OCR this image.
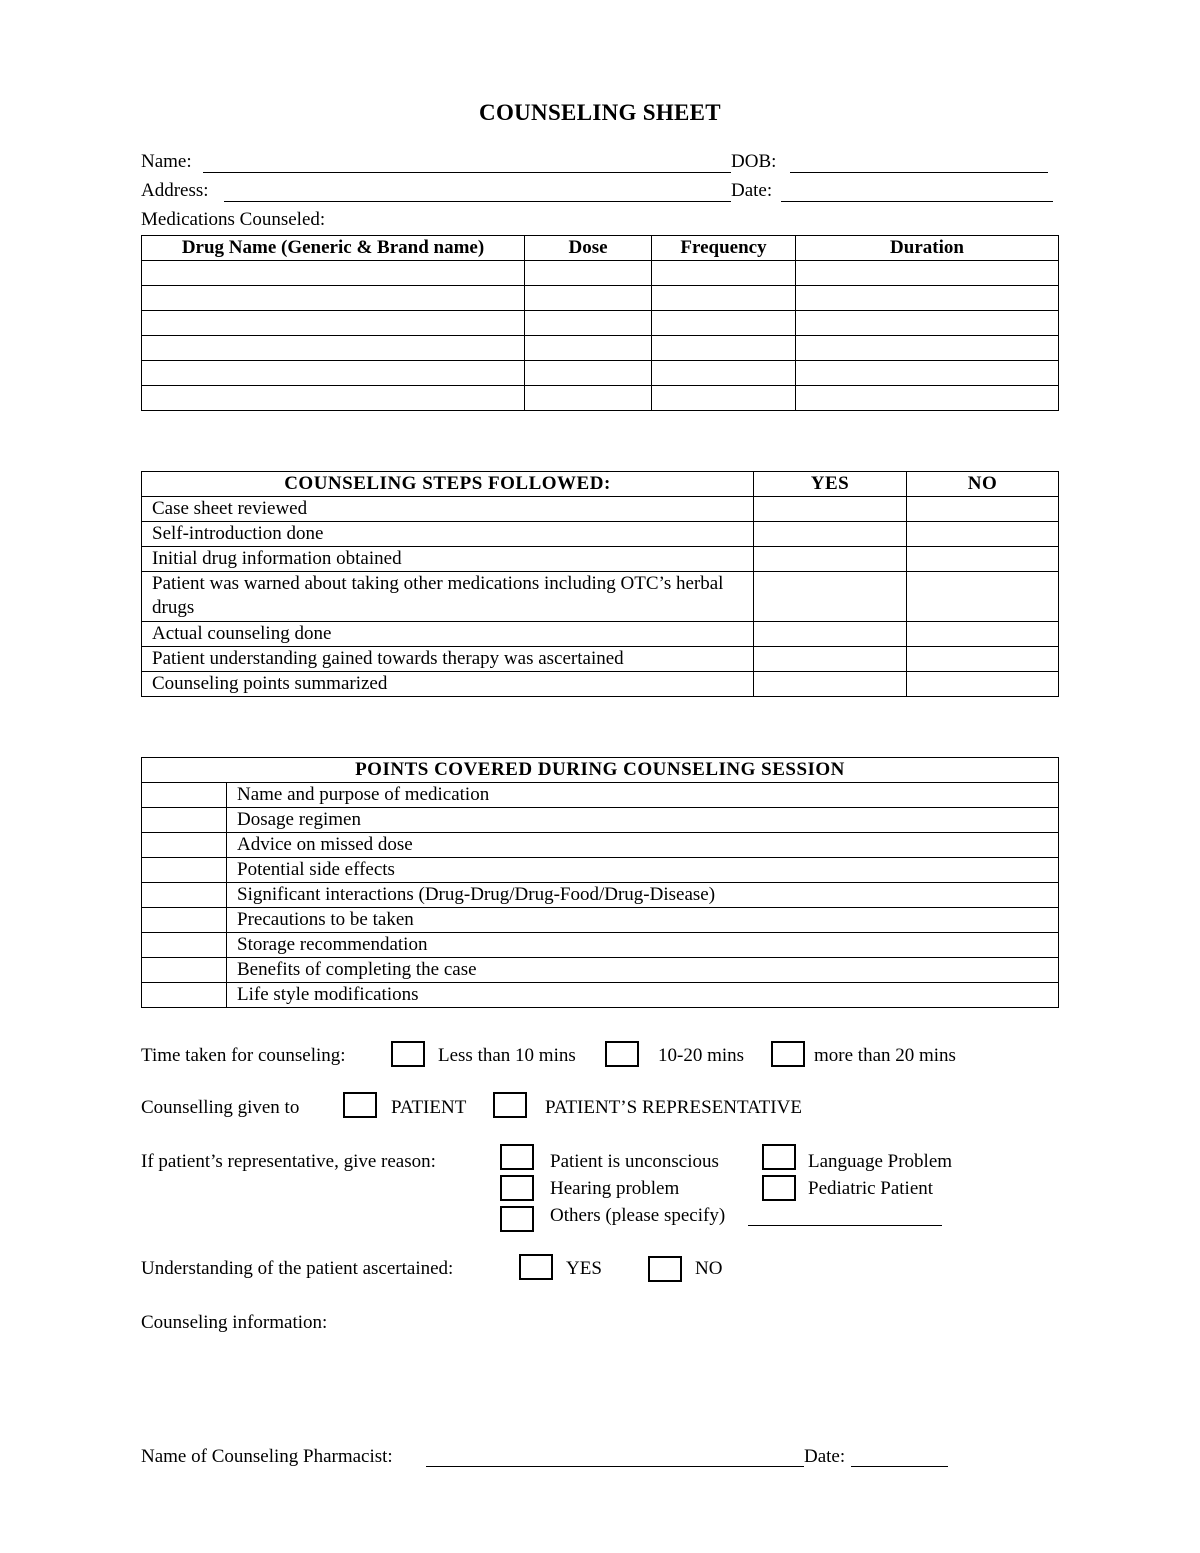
COUNSELING SHEET
Name:	DOB:
Address:	Date:
Medications Counseled:
Drug Name (Generic & Brand name)	Dose	Frequency	Duration

COUNSELING STEPS FOLLOWED:	YES	NO
Case sheet reviewed		
Self-introduction done		
Initial drug information obtained		
Patient was warned about taking other medications including OTC’s herbal drugs		
Actual counseling done		
Patient understanding gained towards therapy was ascertained		
Counseling points summarized		
POINTS COVERED DURING COUNSELING SESSION	
	Name and purpose of medication
	Dosage regimen
	Advice on missed dose
	Potential side effects
	Significant interactions (Drug-Drug/Drug-Food/Drug-Disease)
	Precautions to be taken
	Storage recommendation
	Benefits of completing the case
	Life style modifications
Time taken for counseling:	Less than 10 mins	10-20 mins	more than 20 mins
Counselling given to	PATIENT	PATIENT’S REPRESENTATIVE
If patient’s representative, give reason:	Patient is unconscious	Language Problem
Hearing problem	Pediatric Patient
Others (please specify)
Understanding of the patient ascertained:	YES	NO
Counseling information:
Name of Counseling Pharmacist:	Date:
